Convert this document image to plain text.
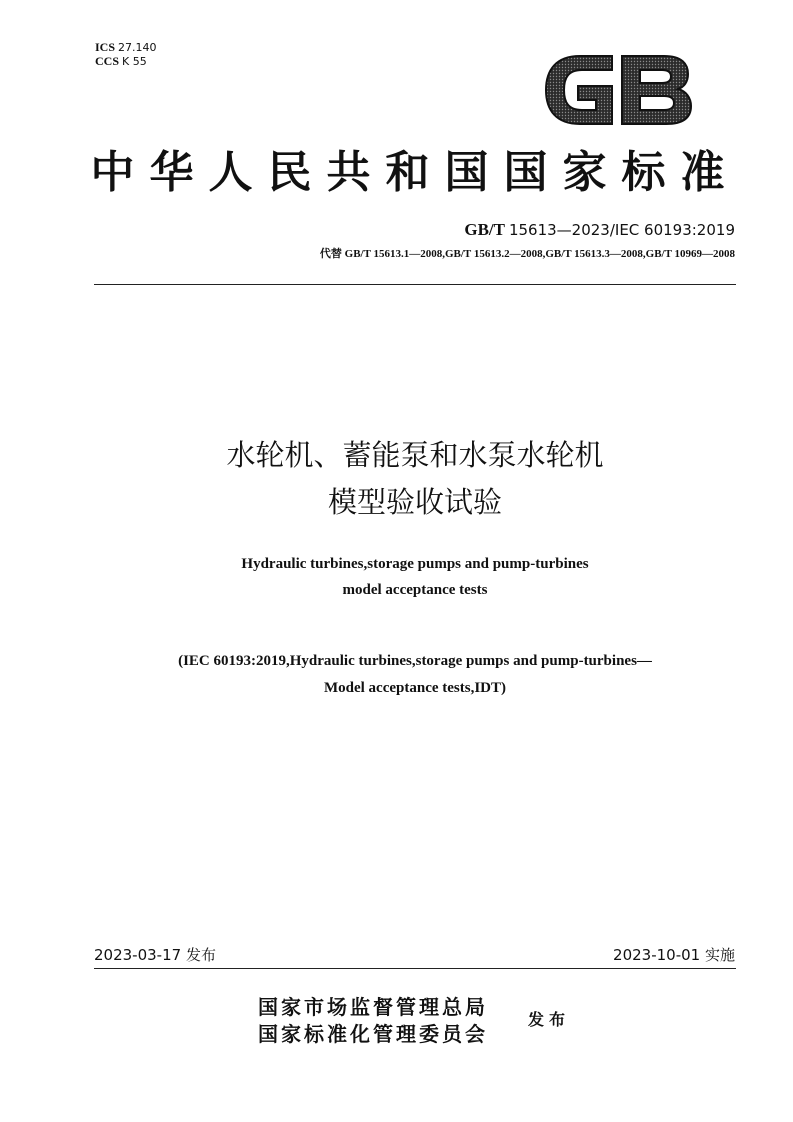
ICS 27.140
CCS K 55
中华人民共和国国家标准
GB/T 15613—2023/IEC 60193:2019
代替 GB/T 15613.1—2008,GB/T 15613.2—2008,GB/T 15613.3—2008,GB/T 10969—2008
水轮机、蓄能泵和水泵水轮机
模型验收试验
Hydraulic turbines,storage pumps and pump-turbines
model acceptance tests
(IEC 60193:2019,Hydraulic turbines,storage pumps and pump-turbines—
Model acceptance tests,IDT)
2023-03-17 发布	2023-10-01 实施
国家市场监督管理总局
国家标准化管理委员会
发布
